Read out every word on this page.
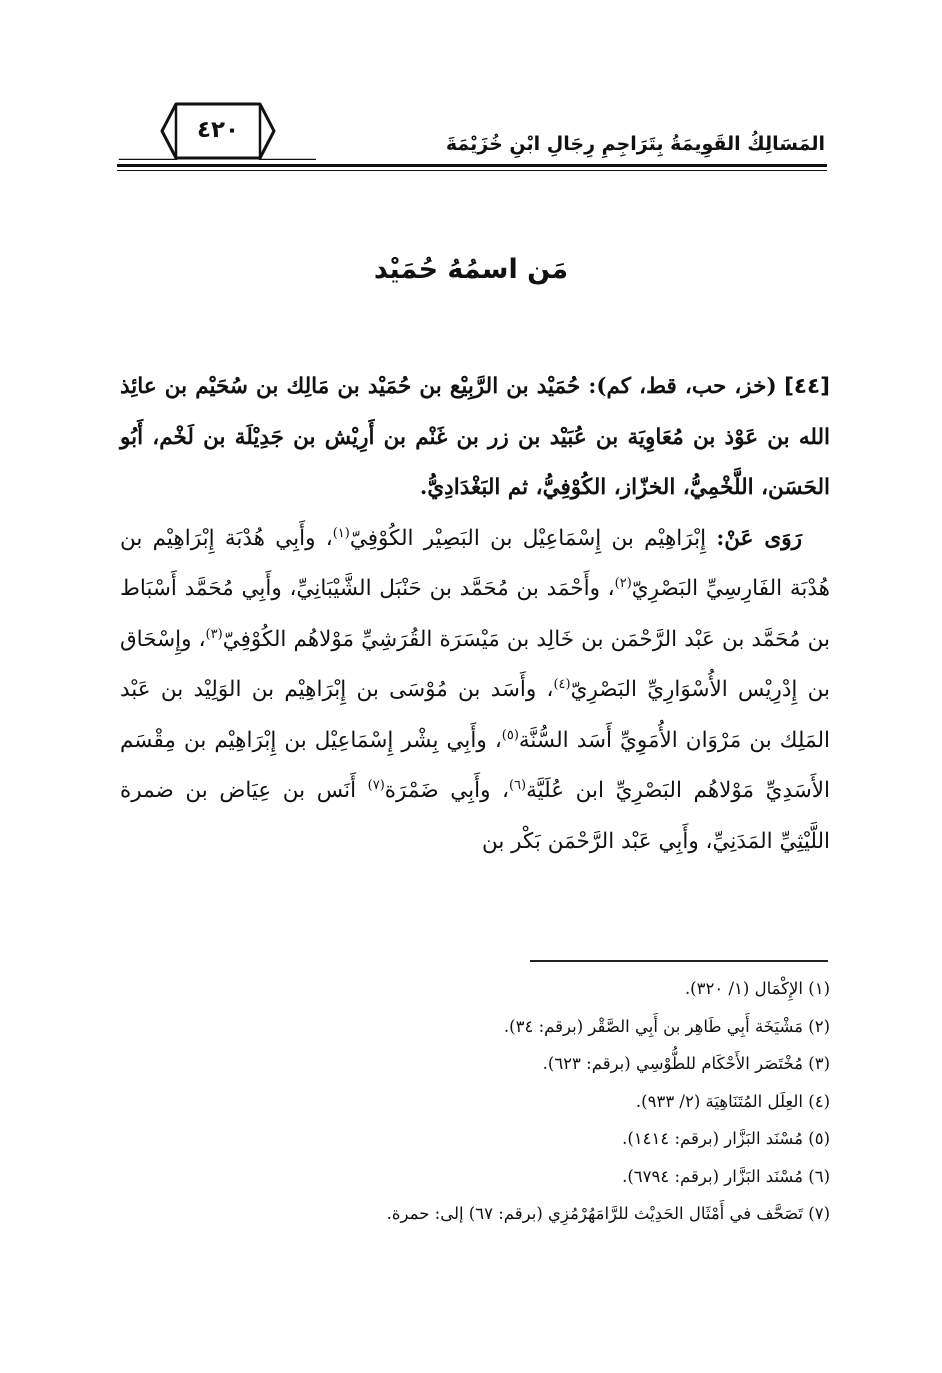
٤٢٠
المَسَالِكُ القَوِيمَةُ بِتَرَاجِمِ رِجَالِ ابْنِ خُزَيْمَةَ
مَن اسمُهُ حُمَيْد

[٤٤] (خز، حب، قط، كم): حُمَيْد بن الرَّبِيْع بن حُمَيْد بن مَالِك بن سُحَيْم بن عائِذ الله بن عَوْذ بن مُعَاوِيَة بن عُبَيْد بن زر بن غَنْم بن أَرِيْش بن جَدِيْلَة بن لَخْم، أَبُو الحَسَن، اللَّخْمِيُّ، الخزّاز، الكُوْفِيُّ، ثم البَغْدَادِيُّ.

رَوَى عَنْ: إِبْرَاهِيْم بن إِسْمَاعِيْل بن البَصِيْر الكُوْفِيّ$^{(١)}$، وأَبِي هُدْبَة إِبْرَاهِيْم بن هُدْبَة الفَارِسِيِّ البَصْرِيّ$^{(٢)}$، وأَحْمَد بن مُحَمَّد بن حَنْبَل الشَّيْبَانِيِّ، وأَبِي مُحَمَّد أَسْبَاط بن مُحَمَّد بن عَبْد الرَّحْمَن بن خَالِد بن مَيْسَرَة القُرَشِيِّ مَوْلاهُم الكُوْفِيّ$^{(٣)}$، وإِسْحَاق بن إِدْرِيْس الأُسْوَارِيِّ البَصْرِيّ$^{(٤)}$، وأَسَد بن مُوْسَى بن إِبْرَاهِيْم بن الوَلِيْد بن عَبْد المَلِك بن مَرْوَان الأُمَوِيِّ أَسَد السُّنَّة$^{(٥)}$، وأَبِي بِشْر إِسْمَاعِيْل بن إِبْرَاهِيْم بن مِقْسَم الأَسَدِيِّ مَوْلاهُم البَصْرِيِّ ابن عُلَيَّة$^{(٦)}$، وأَبِي ضَمْرَة$^{(٧)}$ أَنَس بن عِيَاض بن ضمرة اللَّيْثِيِّ المَدَنِيِّ، وأَبِي عَبْد الرَّحْمَن بَكْر بن

(١) الإِكْمَال (١/ ٣٢٠).
(٢) مَشْيَخَة أَبِي طَاهِر بن أَبِي الصَّقْر (برقم: ٣٤).
(٣) مُخْتَصَر الأَحْكَام للطُّوْسِي (برقم: ٦٢٣).
(٤) العِلَل المُتَنَاهِيَة (٢/ ٩٣٣).
(٥) مُسْنَد البَزَّار (برقم: ١٤١٤).
(٦) مُسْنَد البَزَّار (برقم: ٦٧٩٤).
(٧) تَصَحَّف في أَمْثَال الحَدِيْث للرَّامَهُرْمُزِي (برقم: ٦٧) إلى: حمرة.
